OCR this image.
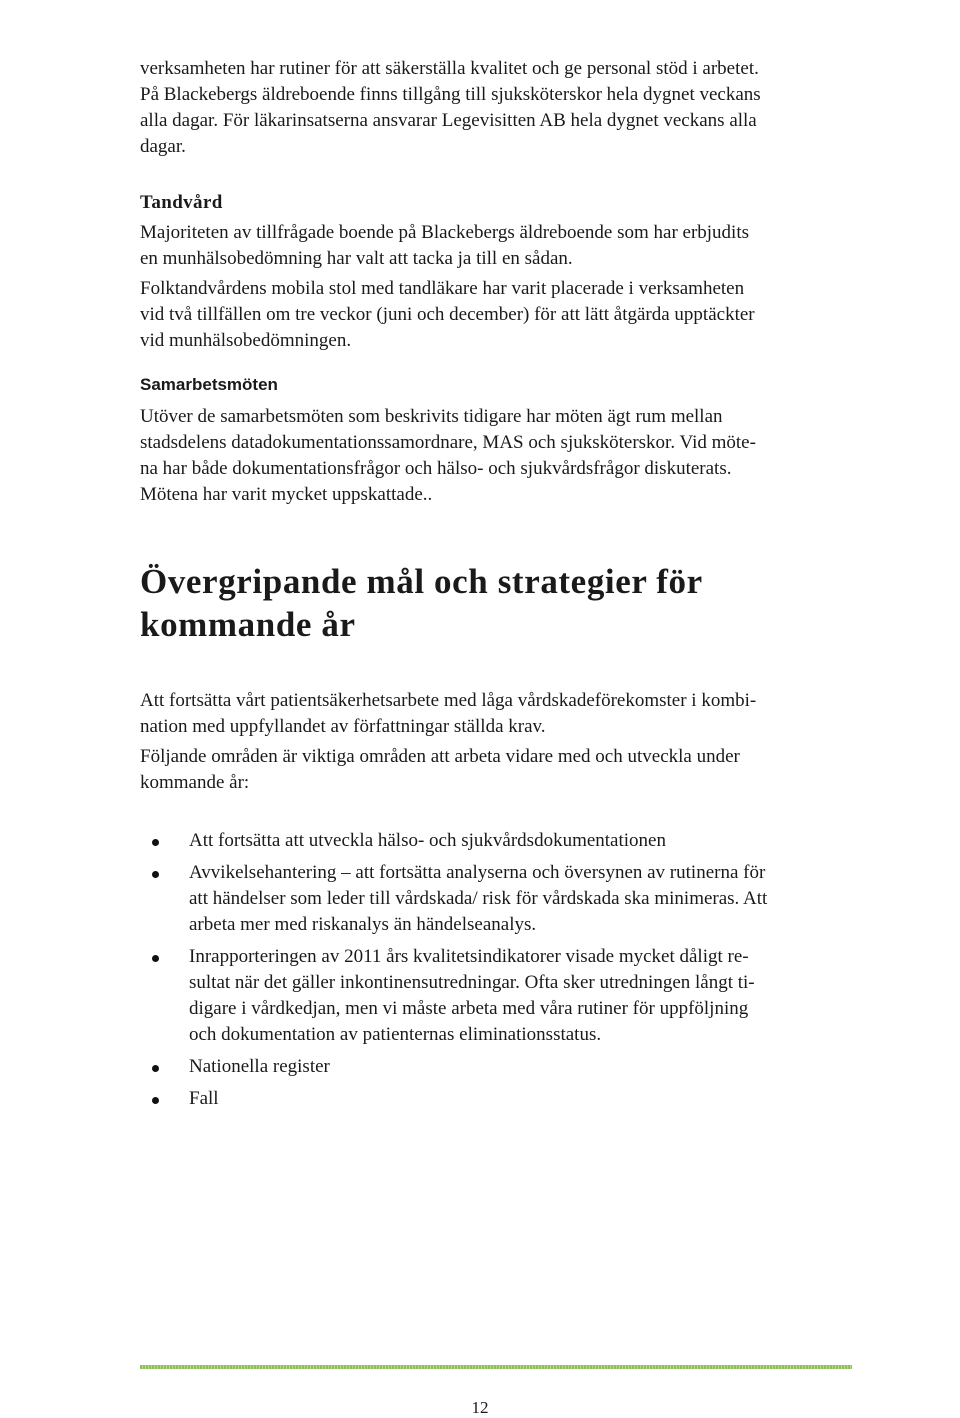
verksamheten har rutiner för att säkerställa kvalitet och ge personal stöd i arbetet.
På Blackebergs äldreboende finns tillgång till sjuksköterskor hela dygnet veckans
alla dagar. För läkarinsatserna ansvarar Legevisitten AB hela dygnet veckans alla
dagar.

Tandvård

Majoriteten av tillfrågade boende på Blackebergs äldreboende som har erbjudits
en munhälsobedömning har valt att tacka ja till en sådan.

Folktandvårdens mobila stol med tandläkare har varit placerade i verksamheten
vid två tillfällen om tre veckor (juni och december) för att lätt åtgärda upptäckter
vid munhälsobedömningen.

Samarbetsmöten

Utöver de samarbetsmöten som beskrivits tidigare har möten ägt rum mellan
stadsdelens datadokumentationssamordnare, MAS och sjuksköterskor. Vid möte-
na har både dokumentationsfrågor och hälso- och sjukvårdsfrågor diskuterats.
Mötena har varit mycket uppskattade..

Övergripande mål och strategier för
kommande år

Att fortsätta vårt patientsäkerhetsarbete med låga vårdskadeförekomster i kombi-
nation med uppfyllandet av författningar ställda krav.

Följande områden är viktiga områden att arbeta vidare med och utveckla under
kommande år:

Att fortsätta att utveckla hälso- och sjukvårdsdokumentationen
Avvikelsehantering – att fortsätta analyserna och översynen av rutinerna för
att händelser som leder till vårdskada/ risk för vårdskada ska minimeras. Att
arbeta mer med riskanalys än händelseanalys.
Inrapporteringen av 2011 års kvalitetsindikatorer visade mycket dåligt re-
sultat när det gäller inkontinensutredningar. Ofta sker utredningen långt ti-
digare i vårdkedjan, men vi måste arbeta med våra rutiner för uppföljning
och dokumentation av patienternas eliminationsstatus.
Nationella register
Fall
12
